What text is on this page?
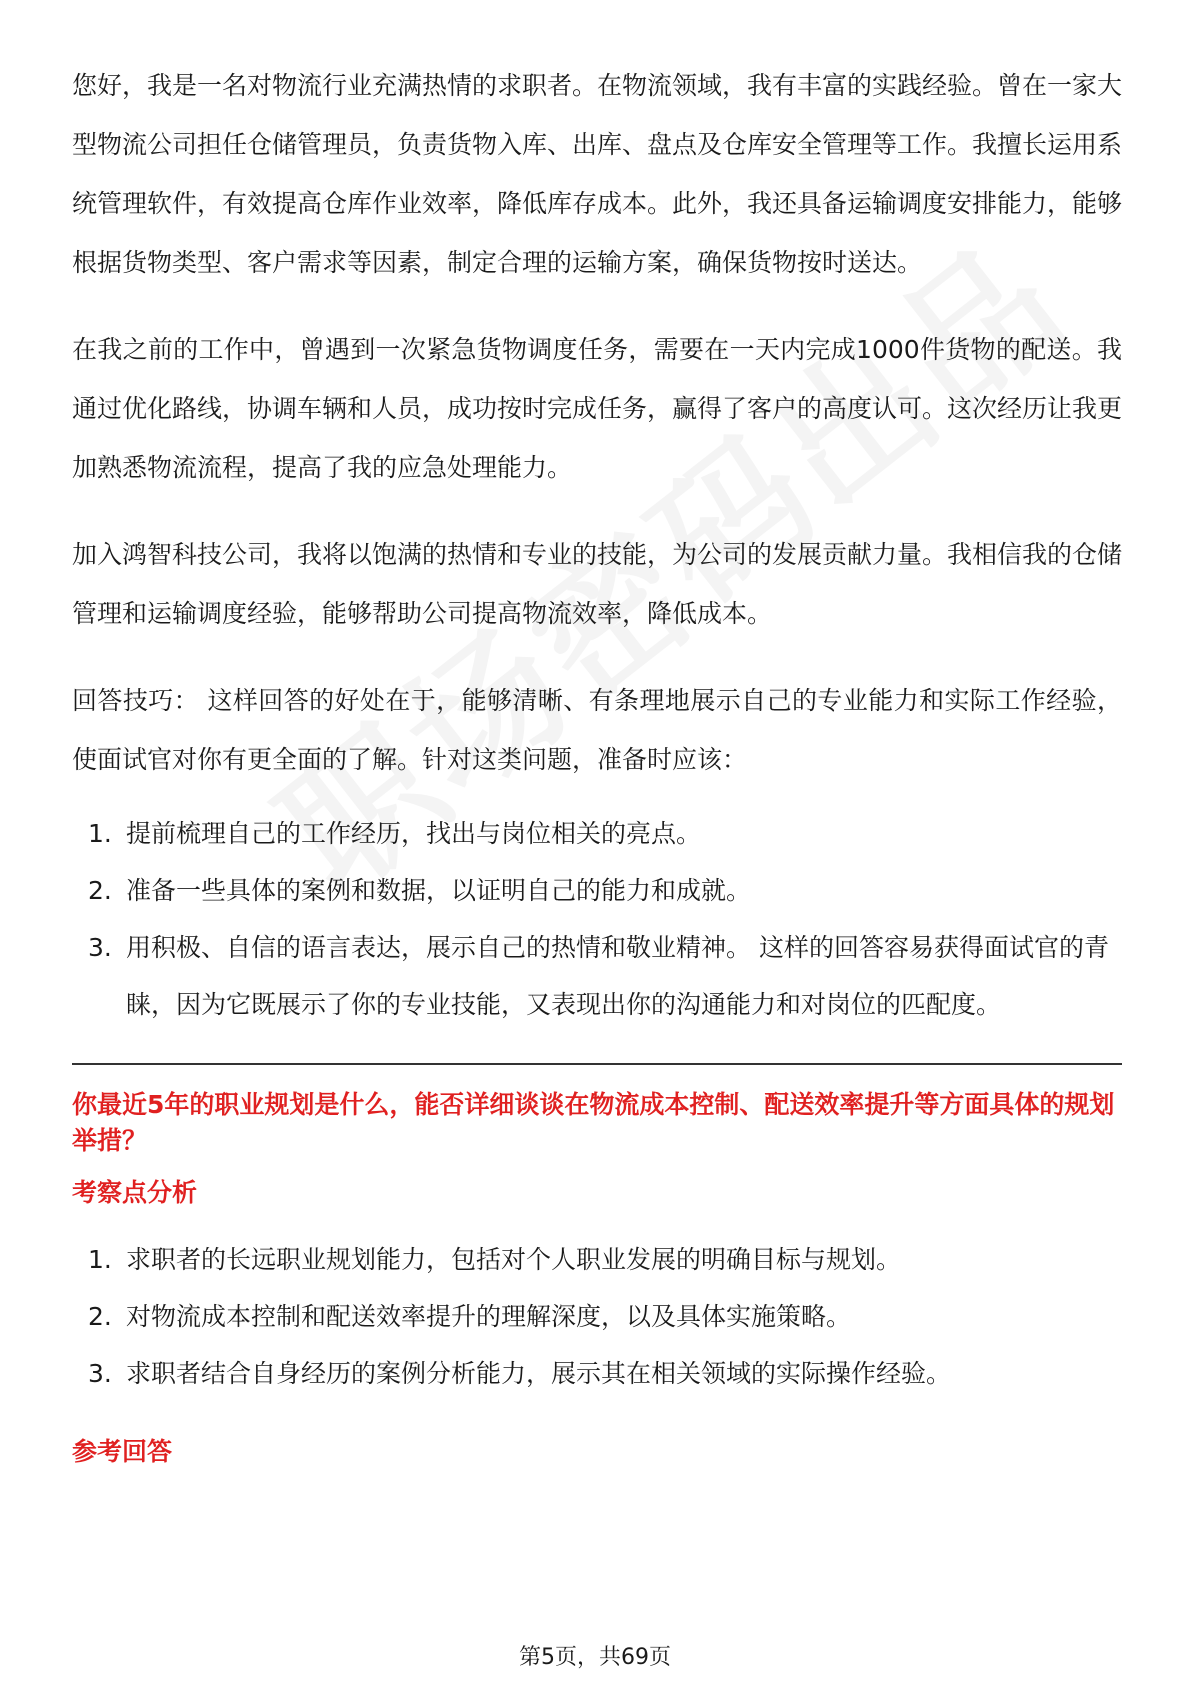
您好，我是一名对物流行业充满热情的求职者。在物流领域，我有丰富的实践经验。曾在一家大型物流公司担任仓储管理员，负责货物入库、出库、盘点及仓库安全管理等工作。我擅长运用系统管理软件，有效提高仓库作业效率，降低库存成本。此外，我还具备运输调度安排能力，能够根据货物类型、客户需求等因素，制定合理的运输方案，确保货物按时送达。

在我之前的工作中，曾遇到一次紧急货物调度任务，需要在一天内完成1000件货物的配送。我通过优化路线，协调车辆和人员，成功按时完成任务，赢得了客户的高度认可。这次经历让我更加熟悉物流流程，提高了我的应急处理能力。

加入鸿智科技公司，我将以饱满的热情和专业的技能，为公司的发展贡献力量。我相信我的仓储管理和运输调度经验，能够帮助公司提高物流效率，降低成本。

回答技巧： 这样回答的好处在于，能够清晰、有条理地展示自己的专业能力和实际工作经验，使面试官对你有更全面的了解。针对这类问题，准备时应该：

1. 提前梳理自己的工作经历，找出与岗位相关的亮点。
2. 准备一些具体的案例和数据，以证明自己的能力和成就。
3. 用积极、自信的语言表达，展示自己的热情和敬业精神。 这样的回答容易获得面试官的青睐，因为它既展示了你的专业技能，又表现出你的沟通能力和对岗位的匹配度。
你最近5年的职业规划是什么，能否详细谈谈在物流成本控制、配送效率提升等方面具体的规划举措？
考察点分析
1. 求职者的长远职业规划能力，包括对个人职业发展的明确目标与规划。
2. 对物流成本控制和配送效率提升的理解深度，以及具体实施策略。
3. 求职者结合自身经历的案例分析能力，展示其在相关领域的实际操作经验。
参考回答
第5页，共69页
